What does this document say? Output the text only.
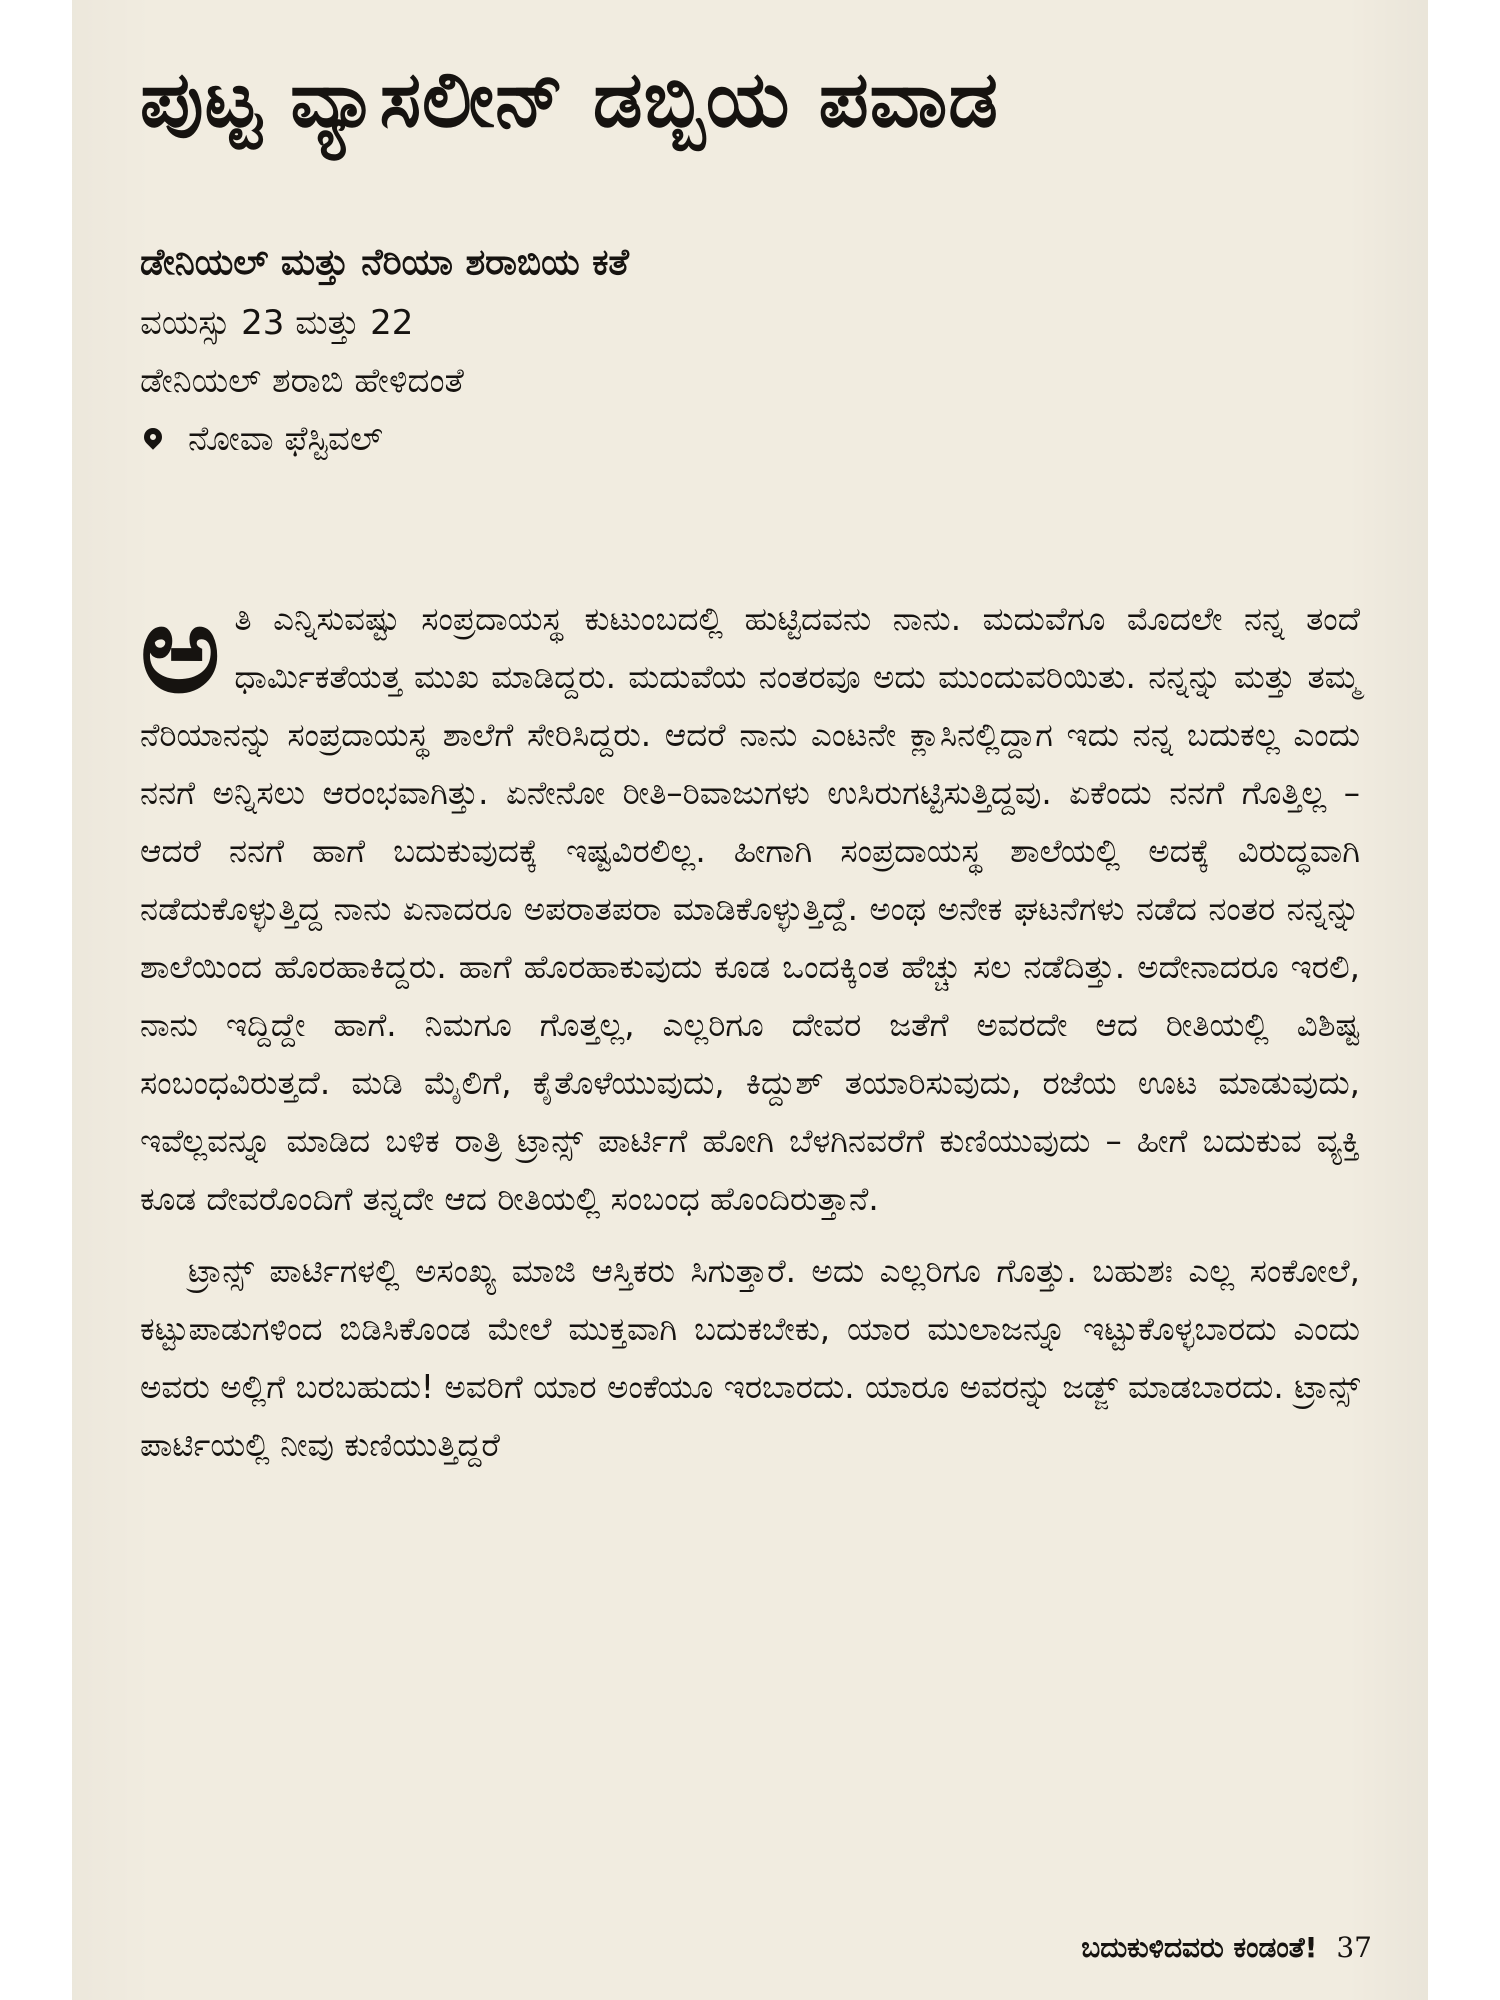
ಪುಟ್ಟ ವ್ಯಾಸಲೀನ್ ಡಬ್ಬಿಯ ಪವಾಡ
ಡೇನಿಯಲ್ ಮತ್ತು ನೆರಿಯಾ ಶರಾಬಿಯ ಕತೆ
ವಯಸ್ಸು 23 ಮತ್ತು 22
ಡೇನಿಯಲ್ ಶರಾಬಿ ಹೇಳಿದಂತೆ
ನೋವಾ ಫೆಸ್ಟಿವಲ್

ಅತಿ ಎನ್ನಿಸುವಷ್ಟು ಸಂಪ್ರದಾಯಸ್ಥ ಕುಟುಂಬದಲ್ಲಿ ಹುಟ್ಟಿದವನು ನಾನು. ಮದುವೆಗೂ ಮೊದಲೇ ನನ್ನ ತಂದೆ ಧಾರ್ಮಿಕತೆಯತ್ತ ಮುಖ ಮಾಡಿದ್ದರು. ಮದುವೆಯ ನಂತರವೂ ಅದು ಮುಂದುವರಿಯಿತು. ನನ್ನನ್ನು ಮತ್ತು ತಮ್ಮ ನೆರಿಯಾನನ್ನು ಸಂಪ್ರದಾಯಸ್ಥ ಶಾಲೆಗೆ ಸೇರಿಸಿದ್ದರು. ಆದರೆ ನಾನು ಎಂಟನೇ ಕ್ಲಾಸಿನಲ್ಲಿದ್ದಾಗ ಇದು ನನ್ನ ಬದುಕಲ್ಲ ಎಂದು ನನಗೆ ಅನ್ನಿಸಲು ಆರಂಭವಾಗಿತ್ತು. ಏನೇನೋ ರೀತಿ–ರಿವಾಜುಗಳು ಉಸಿರುಗಟ್ಟಿಸುತ್ತಿದ್ದವು. ಏಕೆಂದು ನನಗೆ ಗೊತ್ತಿಲ್ಲ – ಆದರೆ ನನಗೆ ಹಾಗೆ ಬದುಕುವುದಕ್ಕೆ ಇಷ್ಟವಿರಲಿಲ್ಲ. ಹೀಗಾಗಿ ಸಂಪ್ರದಾಯಸ್ಥ ಶಾಲೆಯಲ್ಲಿ ಅದಕ್ಕೆ ವಿರುದ್ಧವಾಗಿ ನಡೆದುಕೊಳ್ಳುತ್ತಿದ್ದ ನಾನು ಏನಾದರೂ ಅಪರಾತಪರಾ ಮಾಡಿಕೊಳ್ಳುತ್ತಿದ್ದೆ. ಅಂಥ ಅನೇಕ ಘಟನೆಗಳು ನಡೆದ ನಂತರ ನನ್ನನ್ನು ಶಾಲೆಯಿಂದ ಹೊರಹಾಕಿದ್ದರು. ಹಾಗೆ ಹೊರಹಾಕುವುದು ಕೂಡ ಒಂದಕ್ಕಿಂತ ಹೆಚ್ಚು ಸಲ ನಡೆದಿತ್ತು. ಅದೇನಾದರೂ ಇರಲಿ, ನಾನು ಇದ್ದಿದ್ದೇ ಹಾಗೆ. ನಿಮಗೂ ಗೊತ್ತಲ್ಲ, ಎಲ್ಲರಿಗೂ ದೇವರ ಜತೆಗೆ ಅವರದೇ ಆದ ರೀತಿಯಲ್ಲಿ ವಿಶಿಷ್ಟ ಸಂಬಂಧವಿರುತ್ತದೆ. ಮಡಿ ಮೈಲಿಗೆ, ಕೈತೊಳೆಯುವುದು, ಕಿದ್ದುಶ್ ತಯಾರಿಸುವುದು, ರಜೆಯ ಊಟ ಮಾಡುವುದು, ಇವೆಲ್ಲವನ್ನೂ ಮಾಡಿದ ಬಳಿಕ ರಾತ್ರಿ ಟ್ರಾನ್ಸ್ ಪಾರ್ಟಿಗೆ ಹೋಗಿ ಬೆಳಗಿನವರೆಗೆ ಕುಣಿಯುವುದು – ಹೀಗೆ ಬದುಕುವ ವ್ಯಕ್ತಿ ಕೂಡ ದೇವರೊಂದಿಗೆ ತನ್ನದೇ ಆದ ರೀತಿಯಲ್ಲಿ ಸಂಬಂಧ ಹೊಂದಿರುತ್ತಾನೆ.

ಟ್ರಾನ್ಸ್ ಪಾರ್ಟಿಗಳಲ್ಲಿ ಅಸಂಖ್ಯ ಮಾಜಿ ಆಸ್ತಿಕರು ಸಿಗುತ್ತಾರೆ. ಅದು ಎಲ್ಲರಿಗೂ ಗೊತ್ತು. ಬಹುಶಃ ಎಲ್ಲ ಸಂಕೋಲೆ, ಕಟ್ಟುಪಾಡುಗಳಿಂದ ಬಿಡಿಸಿಕೊಂಡ ಮೇಲೆ ಮುಕ್ತವಾಗಿ ಬದುಕಬೇಕು, ಯಾರ ಮುಲಾಜನ್ನೂ ಇಟ್ಟುಕೊಳ್ಳಬಾರದು ಎಂದು ಅವರು ಅಲ್ಲಿಗೆ ಬರಬಹುದು! ಅವರಿಗೆ ಯಾರ ಅಂಕೆಯೂ ಇರಬಾರದು. ಯಾರೂ ಅವರನ್ನು ಜಡ್ಜ್ ಮಾಡಬಾರದು. ಟ್ರಾನ್ಸ್ ಪಾರ್ಟಿಯಲ್ಲಿ ನೀವು ಕುಣಿಯುತ್ತಿದ್ದರೆ

ಬದುಕುಳಿದವರು ಕಂಡಂತೆ! 37
